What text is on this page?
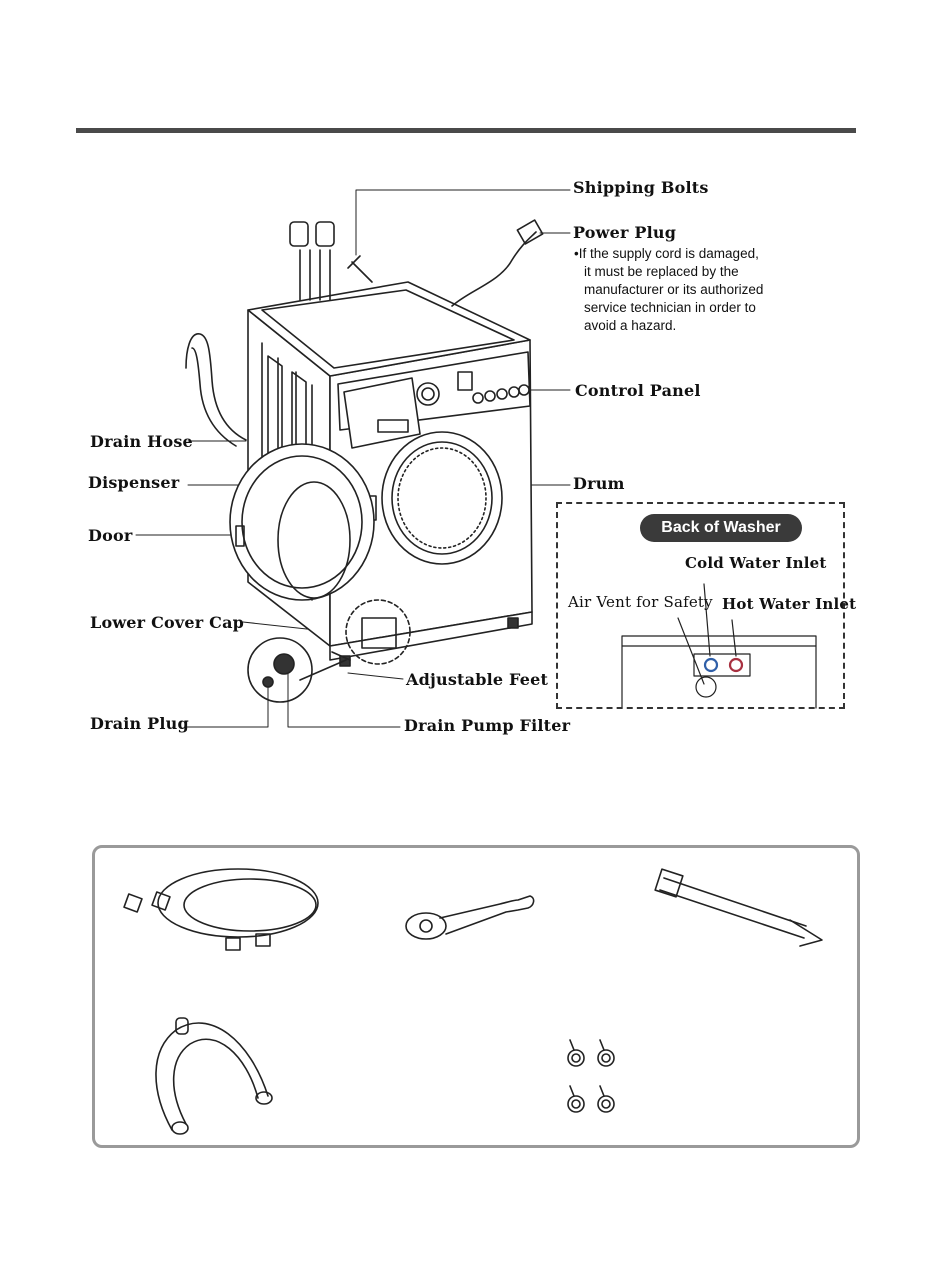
Shipping Bolts
Power Plug
• If the supply cord is damaged,
it must be replaced by the
manufacturer or its authorized
service technician in order to
avoid a hazard.
Control Panel
Drain Hose
Dispenser	Drum
Door
Lower Cover Cap
Adjustable Feet
Drain Plug	Drain Pump Filter
Back of Washer
Cold Water Inlet
Air Vent for Safety Hot Water Inlet
